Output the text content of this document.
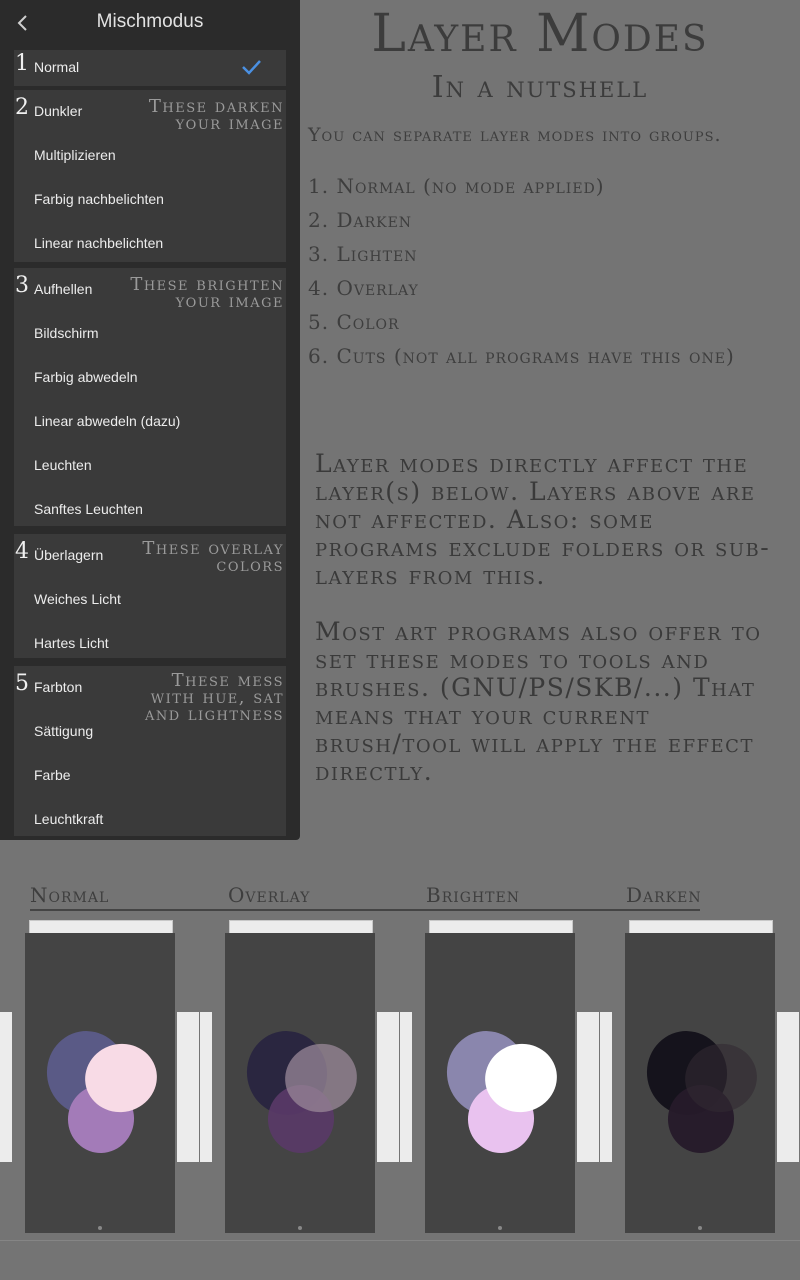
Mischmodus
1 Normal
These darken your image
2 Dunkler
Multiplizieren
Farbig nachbelichten
Linear nachbelichten
These brighten your image
3 Aufhellen
Bildschirm
Farbig abwedeln
Linear abwedeln (dazu)
Leuchten
Sanftes Leuchten
These overlay colors
4 Überlagern
Weiches Licht
Hartes Licht
These mess with hue, sat and lightness
5 Farbton
Sättigung
Farbe
Leuchtkraft
Layer Modes
In a nutshell
You can separate layer modes into groups.
1. Normal (no mode applied)
2. Darken
3. Lighten
4. Overlay
5. Color
6. Cuts (not all programs have this one)
Layer modes directly affect the layer(s) below. Layers above are not affected. Also: some programs exclude folders or sub-layers from this.
Most art programs also offer to set these modes to tools and brushes. (GNU/PS/SKB/...) That means that your current brush/tool will apply the effect directly.
Normal	Overlay	Brighten	Darken
